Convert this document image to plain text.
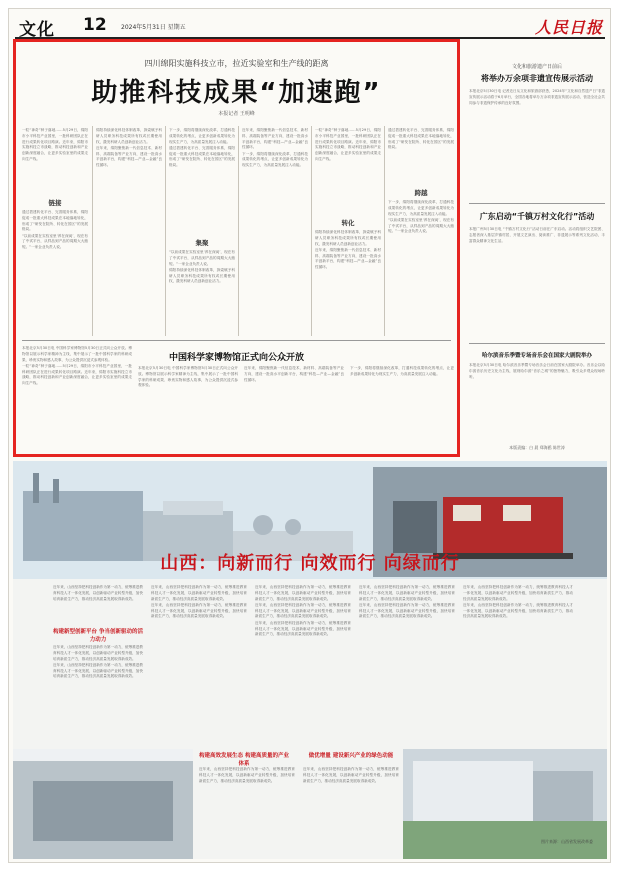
文化 12 2024年5月31日 星期五	人民日报
四川绵阳实施科技立市，拉近实验室和生产线的距离
助推科技成果“加速跑”
本报记者 王明峰

一粒“神奇”种子落地……5月29日，绵阳市小平科技产业园里，一批科研团队正在进行成果转化项目路演。近年来，绵阳市实施科技立市战略，推动科技创新和产业创新深度融合，让更多实验室里的成果走向生产线。

链接

通过搭建转化平台、完善服务体系，绵阳促成一批重大科技成果在本地落地转化，形成了“研发在院所、转化在园区”的发展格局。

“以前成果在实验室里‘养在深闺’，现在有了中试平台，从样品到产品的周期大大缩短。”一家企业负责人说。

绵阳持续深化科技体制改革，探索赋予科研人员职务科技成果所有权或长期使用权，激发科研人员创新创业活力。

近年来，绵阳聚焦新一代信息技术、新材料、高端装备等产业方向，建设一批高水平创新平台，构建“科技—产业—金融”良性循环。

下一步，绵阳将继续深化改革，打通科技成果转化的堵点，让更多创新成果转化为现实生产力，为高质量发展注入动能。

通过搭建转化平台、完善服务体系，绵阳促成一批重大科技成果在本地落地转化，形成了“研发在院所、转化在园区”的发展格局。

集聚

“以前成果在实验室里‘养在深闺’，现在有了中试平台，从样品到产品的周期大大缩短。”一家企业负责人说。

绵阳持续深化科技体制改革，探索赋予科研人员职务科技成果所有权或长期使用权，激发科研人员创新创业活力。

近年来，绵阳聚焦新一代信息技术、新材料、高端装备等产业方向，建设一批高水平创新平台，构建“科技—产业—金融”良性循环。

下一步，绵阳将继续深化改革，打通科技成果转化的堵点，让更多创新成果转化为现实生产力，为高质量发展注入动能。

一粒“神奇”种子落地……5月29日，绵阳市小平科技产业园里，一批科研团队正在进行成果转化项目路演。近年来，绵阳市实施科技立市战略，推动科技创新和产业创新深度融合，让更多实验室里的成果走向生产线。

转化

绵阳持续深化科技体制改革，探索赋予科研人员职务科技成果所有权或长期使用权，激发科研人员创新创业活力。

近年来，绵阳聚焦新一代信息技术、新材料、高端装备等产业方向，建设一批高水平创新平台，构建“科技—产业—金融”良性循环。

通过搭建转化平台、完善服务体系，绵阳促成一批重大科技成果在本地落地转化，形成了“研发在院所、转化在园区”的发展格局。

跨越

下一步，绵阳将继续深化改革，打通科技成果转化的堵点，让更多创新成果转化为现实生产力，为高质量发展注入动能。

“以前成果在实验室里‘养在深闺’，现在有了中试平台，从样品到产品的周期大大缩短。”一家企业负责人说。

本报北京5月30日电 中国科学家博物馆5月30日正式向公众开放。博物馆以展示科学家精神为主线，集中展示了一批中国科学家的科研成果、珍贵实物和感人故事，为公众提供沉浸式参观体验。

一粒“神奇”种子落地……5月29日，绵阳市小平科技产业园里，一批科研团队正在进行成果转化项目路演。近年来，绵阳市实施科技立市战略，推动科技创新和产业创新深度融合，让更多实验室里的成果走向生产线。

中国科学家博物馆正式向公众开放

本报北京5月30日电 中国科学家博物馆5月30日正式向公众开放。博物馆以展示科学家精神为主线，集中展示了一批中国科学家的科研成果、珍贵实物和感人故事，为公众提供沉浸式参观体验。

近年来，绵阳聚焦新一代信息技术、新材料、高端装备等产业方向，建设一批高水平创新平台，构建“科技—产业—金融”良性循环。

下一步，绵阳将继续深化改革，打通科技成果转化的堵点，让更多创新成果转化为现实生产力，为高质量发展注入动能。

文化和旅游遗产日前后
将举办万余项非遗宣传展示活动

本报北京5月30日电 记者近日从文化和旅游部获悉，2024年“文化和自然遗产日”非遗宣传展示活动将于6月举行，全国各地将举办万余项非遗宣传展示活动，营造全社会共同参与非遗保护传承的良好氛围。

广东启动“千镇万村文化行”活动

本报广州5月30日电 “千镇万村文化行”活动日前在广东启动。活动将组织文艺院团、志愿者深入基层乡镇村居，开展文艺演出、阅读推广、非遗展示等系列文化活动，丰富群众精神文化生活。

哈尔滨音乐季暨专场音乐会在国家大剧院举办

本报北京5月30日电 哈尔滨音乐季暨专场音乐会日前在国家大剧院举办。音乐会以哈尔滨音乐历史文化为主线，展现哈尔滨“音乐之城”的独特魅力，吸引众多观众现场聆听。

本版责编：白 晨 郑海鸥 陈世涛
山西：向新而行 向效而行 向绿而行
构建新型创新平台 争当创新驱动的活力动力

近年来，山西坚持把科技创新作为第一动力，统筹推进教育科技人才一体化发展，以创新驱动产业转型升级，加快培育新质生产力，推动经济高质量发展取得新成效。

近年来，山西坚持把科技创新作为第一动力，统筹推进教育科技人才一体化发展，以创新驱动产业转型升级，加快培育新质生产力，推动经济高质量发展取得新成效。

近年来，山西坚持把科技创新作为第一动力，统筹推进教育科技人才一体化发展，以创新驱动产业转型升级，加快培育新质生产力，推动经济高质量发展取得新成效。

近年来，山西坚持把科技创新作为第一动力，统筹推进教育科技人才一体化发展，以创新驱动产业转型升级，加快培育新质生产力，推动经济高质量发展取得新成效。

近年来，山西坚持把科技创新作为第一动力，统筹推进教育科技人才一体化发展，以创新驱动产业转型升级，加快培育新质生产力，推动经济高质量发展取得新成效。

构建高效发展生态 构建高质量的产业体系

近年来，山西坚持把科技创新作为第一动力，统筹推进教育科技人才一体化发展，以创新驱动产业转型升级，加快培育新质生产力，推动经济高质量发展取得新成效。

近年来，山西坚持把科技创新作为第一动力，统筹推进教育科技人才一体化发展，以创新驱动产业转型升级，加快培育新质生产力，推动经济高质量发展取得新成效。

近年来，山西坚持把科技创新作为第一动力，统筹推进教育科技人才一体化发展，以创新驱动产业转型升级，加快培育新质生产力，推动经济高质量发展取得新成效。

近年来，山西坚持把科技创新作为第一动力，统筹推进教育科技人才一体化发展，以创新驱动产业转型升级，加快培育新质生产力，推动经济高质量发展取得新成效。

近年来，山西坚持把科技创新作为第一动力，统筹推进教育科技人才一体化发展，以创新驱动产业转型升级，加快培育新质生产力，推动经济高质量发展取得新成效。

近年来，山西坚持把科技创新作为第一动力，统筹推进教育科技人才一体化发展，以创新驱动产业转型升级，加快培育新质生产力，推动经济高质量发展取得新成效。

做优增量 建设新兴产业的绿色动能

近年来，山西坚持把科技创新作为第一动力，统筹推进教育科技人才一体化发展，以创新驱动产业转型升级，加快培育新质生产力，推动经济高质量发展取得新成效。

近年来，山西坚持把科技创新作为第一动力，统筹推进教育科技人才一体化发展，以创新驱动产业转型升级，加快培育新质生产力，推动经济高质量发展取得新成效。

近年来，山西坚持把科技创新作为第一动力，统筹推进教育科技人才一体化发展，以创新驱动产业转型升级，加快培育新质生产力，推动经济高质量发展取得新成效。

图片来源：山西省发展改革委
